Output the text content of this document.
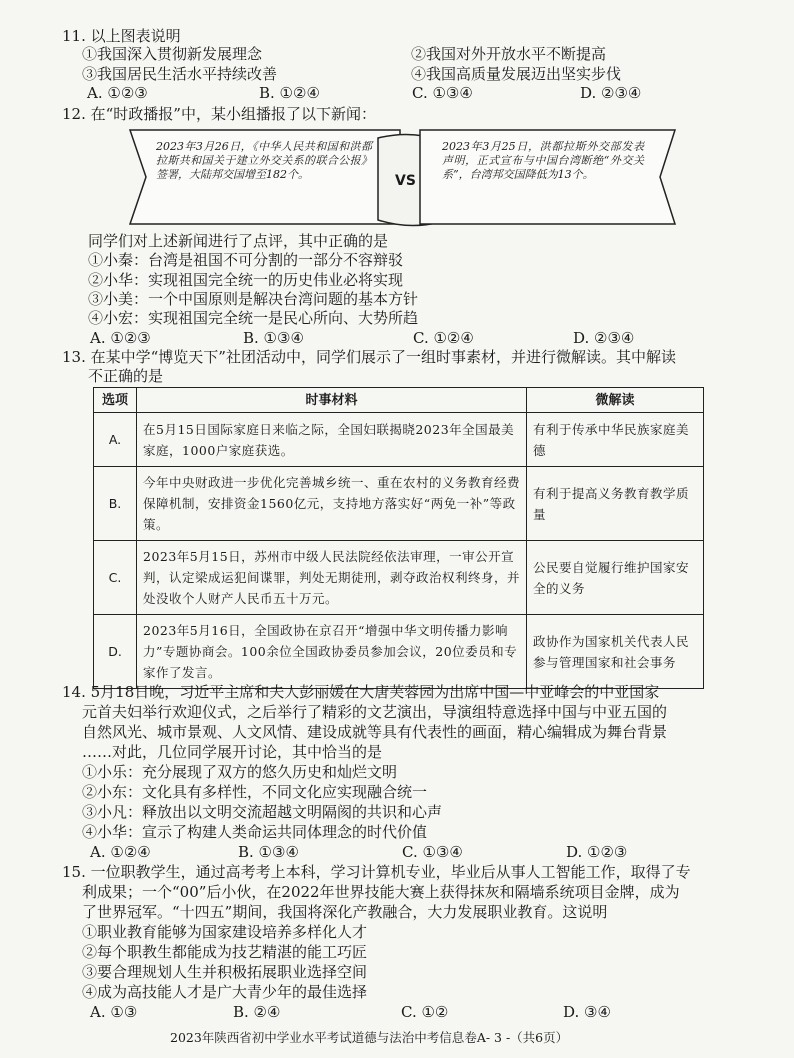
11. 以上图表说明
①我国深入贯彻新发展理念	②我国对外开放水平不断提高
③我国居民生活水平持续改善	④我国高质量发展迈出坚实步伐
A. ①②③	B. ①②④	C. ①③④	D. ②③④
12. 在“时政播报”中，某小组播报了以下新闻：
2023年3月26日，《中华人民共和国和洪都拉斯共和国关于建立外交关系的联合公报》签署，大陆邦交国增至182个。	VS
2023年3月25日，洪都拉斯外交部发表声明，正式宣布与中国台湾断绝“外交关系”，台湾邦交国降低为13个。
同学们对上述新闻进行了点评，其中正确的是
①小秦：台湾是祖国不可分割的一部分不容辩驳
②小华：实现祖国完全统一的历史伟业必将实现
③小美：一个中国原则是解决台湾问题的基本方针
④小宏：实现祖国完全统一是民心所向、大势所趋
A. ①②③	B. ①③④	C. ①②④	D. ②③④
13. 在某中学“博览天下”社团活动中，同学们展示了一组时事素材，并进行微解读。其中解读
不正确的是
选项	时事材料	微解读
A.	在5月15日国际家庭日来临之际，全国妇联揭晓2023年全国最美家庭，1000户家庭获选。	有利于传承中华民族家庭美德
B.	今年中央财政进一步优化完善城乡统一、重在农村的义务教育经费保障机制，安排资金1560亿元，支持地方落实好“两免一补”等政策。	有利于提高义务教育教学质量
C.	2023年5月15日，苏州市中级人民法院经依法审理，一审公开宣判，认定梁成运犯间谍罪，判处无期徒刑，剥夺政治权利终身，并处没收个人财产人民币五十万元。	公民要自觉履行维护国家安全的义务
D.	2023年5月16日，全国政协在京召开“增强中华文明传播力影响力”专题协商会。100余位全国政协委员参加会议，20位委员和专家作了发言。	政协作为国家机关代表人民参与管理国家和社会事务
14. 5月18日晚，习近平主席和夫人彭丽媛在大唐芙蓉园为出席中国—中亚峰会的中亚国家
元首夫妇举行欢迎仪式，之后举行了精彩的文艺演出，导演组特意选择中国与中亚五国的
自然风光、城市景观、人文风情、建设成就等具有代表性的画面，精心编辑成为舞台背景
……对此，几位同学展开讨论，其中恰当的是
①小乐：充分展现了双方的悠久历史和灿烂文明
②小东：文化具有多样性，不同文化应实现融合统一
③小凡：释放出以文明交流超越文明隔阂的共识和心声
④小华：宣示了构建人类命运共同体理念的时代价值
A. ①②④	B. ①③④	C. ①③④	D. ①②③
15. 一位职教学生，通过高考考上本科，学习计算机专业，毕业后从事人工智能工作，取得了专
利成果；一个“00”后小伙，在2022年世界技能大赛上获得抹灰和隔墙系统项目金牌，成为
了世界冠军。“十四五”期间，我国将深化产教融合，大力发展职业教育。这说明
①职业教育能够为国家建设培养多样化人才
②每个职教生都能成为技艺精湛的能工巧匠
③要合理规划人生并积极拓展职业选择空间
④成为高技能人才是广大青少年的最佳选择
A. ①③	B. ②④	C. ①②	D. ③④
2023年陕西省初中学业水平考试道德与法治中考信息卷A- 3 -（共6页）
